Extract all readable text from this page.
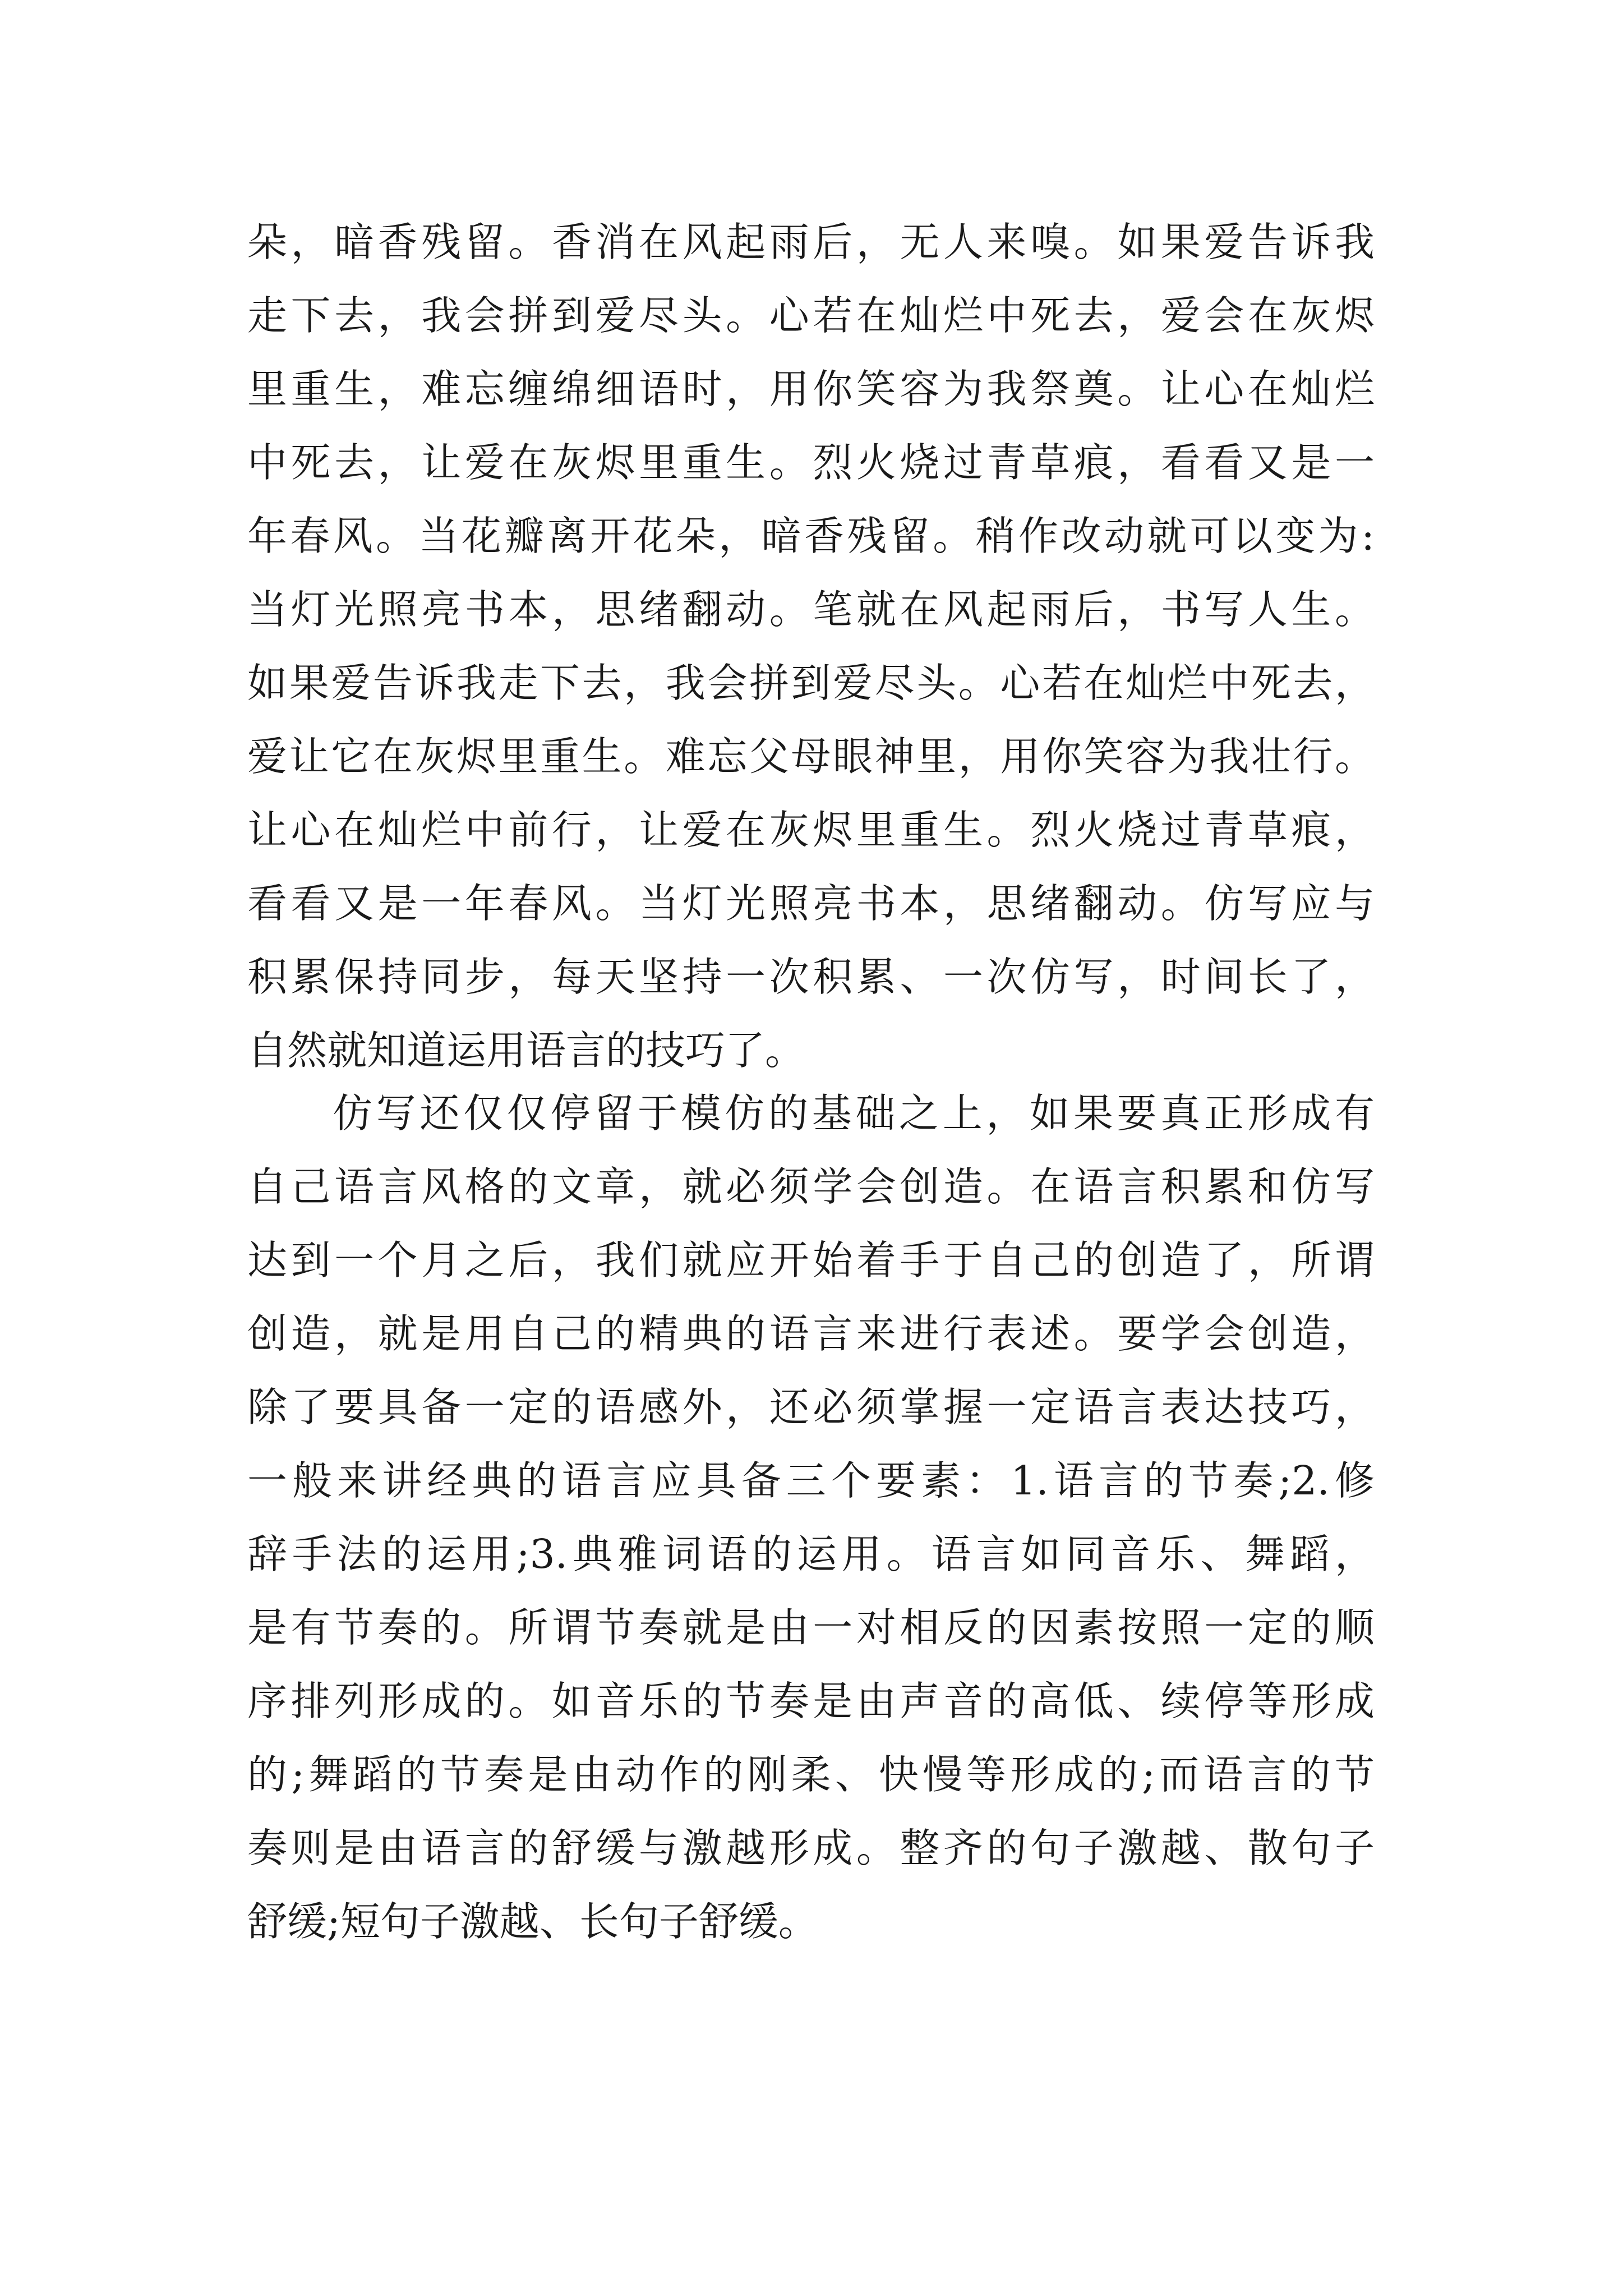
朵，暗香残留。香消在风起雨后，无人来嗅。如果爱告诉我
走下去，我会拼到爱尽头。心若在灿烂中死去，爱会在灰烬
里重生，难忘缠绵细语时，用你笑容为我祭奠。让心在灿烂
中死去，让爱在灰烬里重生。烈火烧过青草痕，看看又是一
年春风。当花瓣离开花朵，暗香残留。稍作改动就可以变为:
当灯光照亮书本，思绪翻动。笔就在风起雨后，书写人生。
如果爱告诉我走下去，我会拼到爱尽头。心若在灿烂中死去，
爱让它在灰烬里重生。难忘父母眼神里，用你笑容为我壮行。
让心在灿烂中前行，让爱在灰烬里重生。烈火烧过青草痕，
看看又是一年春风。当灯光照亮书本，思绪翻动。仿写应与
积累保持同步，每天坚持一次积累、一次仿写，时间长了，
自然就知道运用语言的技巧了。
仿写还仅仅停留于模仿的基础之上，如果要真正形成有
自己语言风格的文章，就必须学会创造。在语言积累和仿写
达到一个月之后，我们就应开始着手于自己的创造了，所谓
创造，就是用自己的精典的语言来进行表述。要学会创造，
除了要具备一定的语感外，还必须掌握一定语言表达技巧，
一般来讲经典的语言应具备三个要素：1.语言的节奏;2.修
辞手法的运用;3.典雅词语的运用。语言如同音乐、舞蹈，
是有节奏的。所谓节奏就是由一对相反的因素按照一定的顺
序排列形成的。如音乐的节奏是由声音的高低、续停等形成
的;舞蹈的节奏是由动作的刚柔、快慢等形成的;而语言的节
奏则是由语言的舒缓与激越形成。整齐的句子激越、散句子
舒缓;短句子激越、长句子舒缓。
